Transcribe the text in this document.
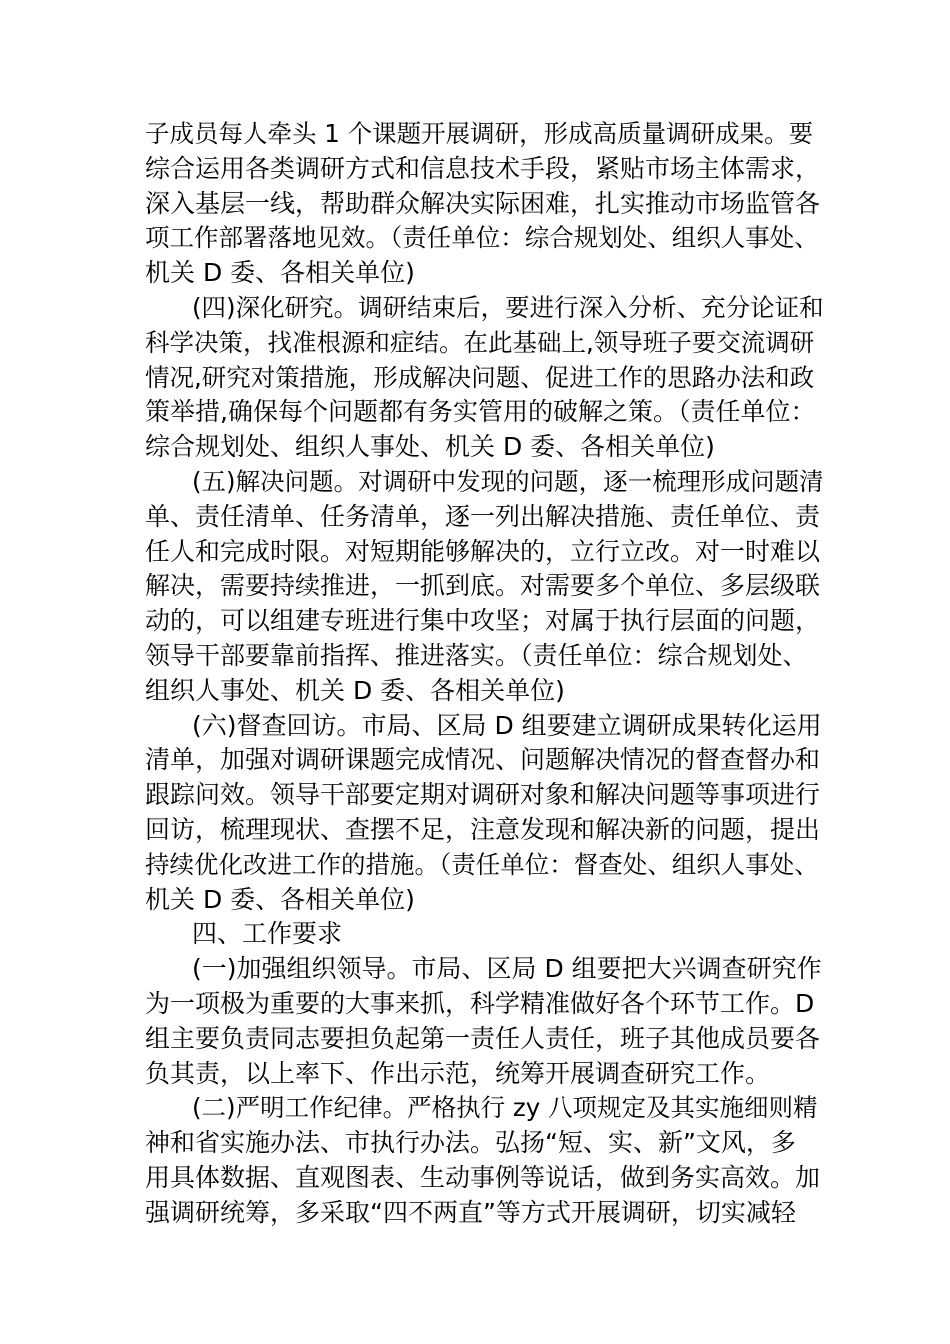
子成员每人牵头 1 个课题开展调研，形成高质量调研成果。要
综合运用各类调研方式和信息技术手段，紧贴市场主体需求，
深入基层一线，帮助群众解决实际困难，扎实推动市场监管各
项工作部署落地见效。（责任单位：综合规划处、组织人事处、
机关 D 委、各相关单位)
(四)深化研究。调研结束后，要进行深入分析、充分论证和
科学决策，找准根源和症结。在此基础上,领导班子要交流调研
情况,研究对策措施，形成解决问题、促进工作的思路办法和政
策举措,确保每个问题都有务实管用的破解之策。（责任单位：
综合规划处、组织人事处、机关 D 委、各相关单位)
(五)解决问题。对调研中发现的问题，逐一梳理形成问题清
单、责任清单、任务清单，逐一列出解决措施、责任单位、责
任人和完成时限。对短期能够解决的，立行立改。对一时难以
解决，需要持续推进，一抓到底。对需要多个单位、多层级联
动的，可以组建专班进行集中攻坚；对属于执行层面的问题，
领导干部要靠前指挥、推进落实。（责任单位：综合规划处、
组织人事处、机关 D 委、各相关单位)
(六)督查回访。市局、区局 D 组要建立调研成果转化运用
清单，加强对调研课题完成情况、问题解决情况的督查督办和
跟踪问效。领导干部要定期对调研对象和解决问题等事项进行
回访，梳理现状、查摆不足，注意发现和解决新的问题，提出
持续优化改进工作的措施。（责任单位：督查处、组织人事处、
机关 D 委、各相关单位)
四、工作要求
(一)加强组织领导。市局、区局 D 组要把大兴调查研究作
为一项极为重要的大事来抓，科学精准做好各个环节工作。D
组主要负责同志要担负起第一责任人责任，班子其他成员要各
负其责，以上率下、作出示范，统筹开展调查研究工作。
(二)严明工作纪律。严格执行 zy 八项规定及其实施细则精
神和省实施办法、市执行办法。弘扬“短、实、新”文风，多
用具体数据、直观图表、生动事例等说话，做到务实高效。加
强调研统筹，多采取“四不两直”等方式开展调研，切实减轻
